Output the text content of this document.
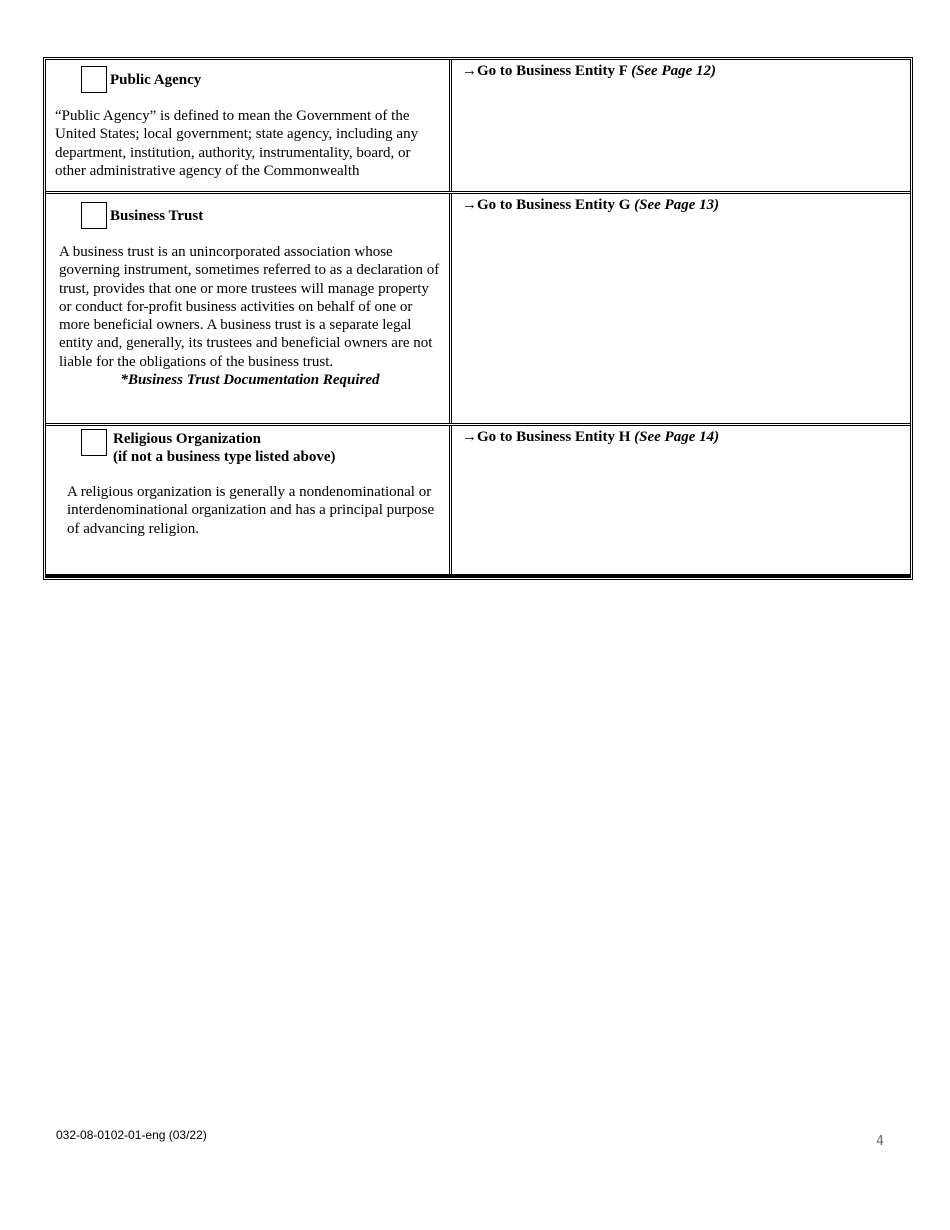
Public Agency
“Public Agency” is defined to mean the Government of the United States; local government; state agency, including any department, institution, authority, instrumentality, board, or other administrative agency of the Commonwealth
→Go to Business Entity F (See Page 12)
Business Trust
A business trust is an unincorporated association whose governing instrument, sometimes referred to as a declaration of trust, provides that one or more trustees will manage property or conduct for-profit business activities on behalf of one or more beneficial owners. A business trust is a separate legal entity and, generally, its trustees and beneficial owners are not liable for the obligations of the business trust.
*Business Trust Documentation Required
→Go to Business Entity G (See Page 13)
Religious Organization
(if not a business type listed above)
A religious organization is generally a nondenominational or interdenominational organization and has a principal purpose of advancing religion.
→Go to Business Entity H (See Page 14)
032-08-0102-01-eng (03/22)	4
